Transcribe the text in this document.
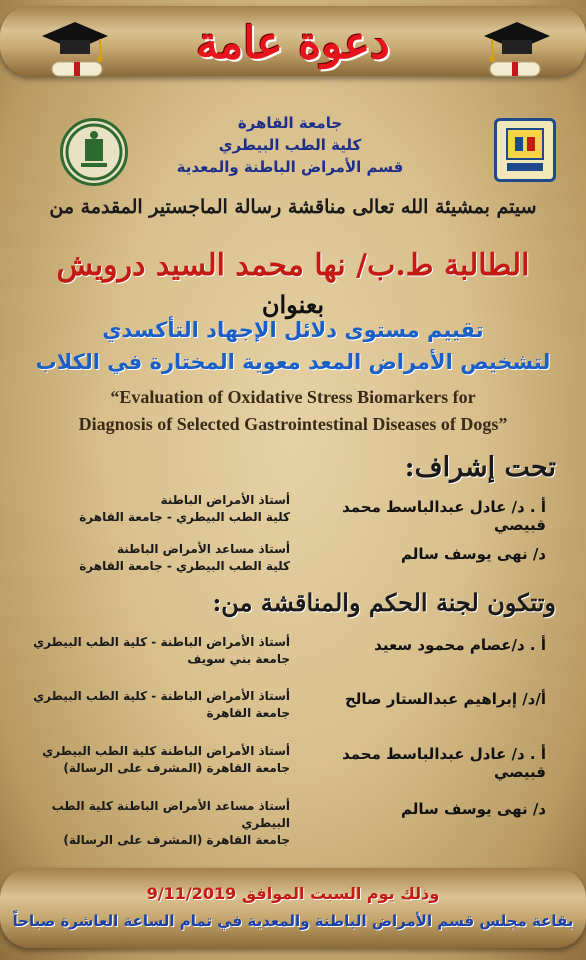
دعوة عامة
جامعة القاهرة
كلية الطب البيطري
قسم الأمراض الباطنة والمعدية
سيتم بمشيئة الله تعالى مناقشة رسالة الماجستير المقدمة من
الطالبة ط.ب/ نها محمد السيد درويش
بعنوان
تقييم مستوى دلائل الإجهاد التأكسدي
لتشخيص الأمراض المعد معوية المختارة في الكلاب
“Evaluation of Oxidative Stress Biomarkers for
Diagnosis of Selected Gastrointestinal Diseases of Dogs”
تحت إشراف:
أ . د/ عادل عبدالباسط محمد قبيصي
أستاذ الأمراض الباطنة
كلية الطب البيطري - جامعة القاهرة
د/ نهى يوسف سالم
أستاذ مساعد الأمراض الباطنة
كلية الطب البيطري - جامعة القاهرة
وتتكون لجنة الحكم والمناقشة من:
أ . د/عصام محمود سعيد
أستاذ الأمراض الباطنة - كلية الطب البيطري
جامعة بني سويف
أ/د/ إبراهيم عبدالستار صالح
أستاذ الأمراض الباطنة - كلية الطب البيطري
جامعة القاهرة
أ . د/ عادل عبدالباسط محمد قبيصي
أستاذ الأمراض الباطنة كلية الطب البيطري
جامعة القاهرة (المشرف على الرسالة)
د/ نهى يوسف سالم
أستاذ مساعد الأمراض الباطنة كلية الطب البيطري
جامعة القاهرة (المشرف على الرسالة)
وذلك يوم السبت الموافق 9/11/2019
بقاعة مجلس قسم الأمراض الباطنة والمعدية في تمام الساعة العاشرة صباحاً
